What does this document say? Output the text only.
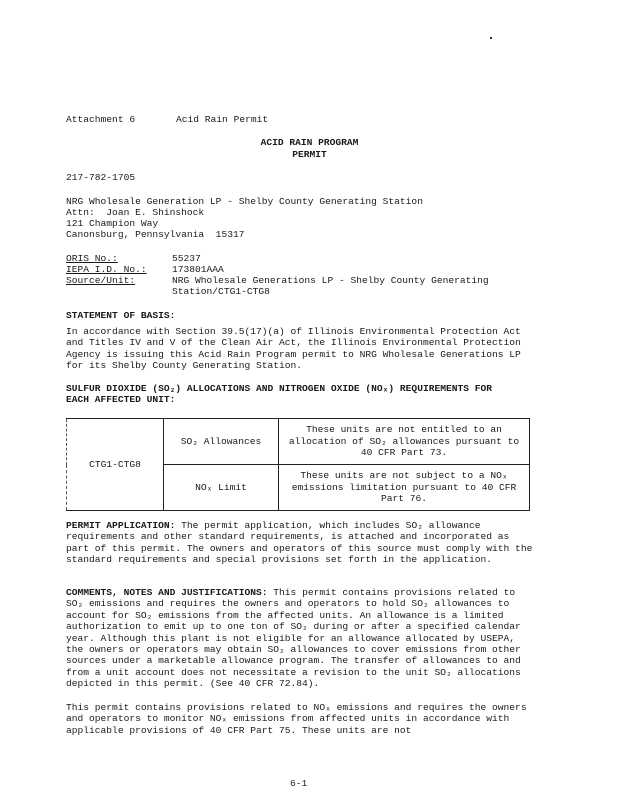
Attachment 6	Acid Rain Permit
ACID RAIN PROGRAM
PERMIT
217-782-1705
NRG Wholesale Generation LP - Shelby County Generating Station
Attn:  Joan E. Shinshock
121 Champion Way
Canonsburg, Pennsylvania  15317
ORIS No.:	55237
IEPA I.D. No.:	173801AAA
Source/Unit:	NRG Wholesale Generations LP - Shelby County Generating
Station/CTG1-CTG8
STATEMENT OF BASIS:

In accordance with Section 39.5(17)(a) of Illinois Environmental Protection Act and Titles IV and V of the Clean Air Act, the Illinois Environmental Protection Agency is issuing this Acid Rain Program permit to NRG Wholesale Generations LP for its Shelby County Generating Station.

SULFUR DIOXIDE (SO₂) ALLOCATIONS AND NITROGEN OXIDE (NOₓ) REQUIREMENTS FOR
EACH AFFECTED UNIT:
CTG1-CTG8	SO₂ Allowances	These units are not entitled to an allocation of SO₂ allowances pursuant to 40 CFR Part 73.
	NOₓ Limit	These units are not subject to a NOₓ emissions limitation pursuant to 40 CFR Part 76.

PERMIT APPLICATION: The permit application, which includes SO₂ allowance requirements and other standard requirements, is attached and incorporated as part of this permit. The owners and operators of this source must comply with the standard requirements and special provisions set forth in the application.

COMMENTS, NOTES AND JUSTIFICATIONS: This permit contains provisions related to SO₂ emissions and requires the owners and operators to hold SO₂ allowances to account for SO₂ emissions from the affected units. An allowance is a limited authorization to emit up to one ton of SO₂ during or after a specified calendar year. Although this plant is not eligible for an allowance allocated by USEPA, the owners or operators may obtain SO₂ allowances to cover emissions from other sources under a marketable allowance program. The transfer of allowances to and from a unit account does not necessitate a revision to the unit SO₂ allocations depicted in this permit. (See 40 CFR 72.84).

This permit contains provisions related to NOₓ emissions and requires the owners and operators to monitor NOₓ emissions from affected units in accordance with applicable provisions of 40 CFR Part 75. These units are not

6-1
